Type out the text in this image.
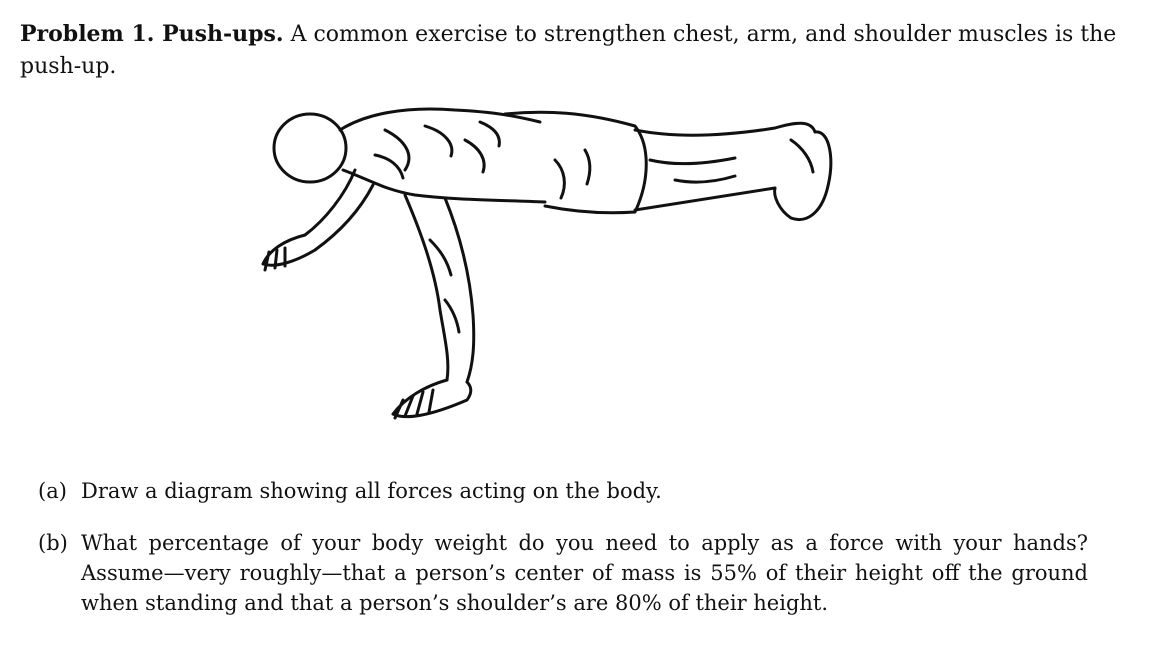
Problem 1. Push-ups. A common exercise to strengthen chest, arm, and shoulder muscles is the push-up.
(a) Draw a diagram showing all forces acting on the body.
(b) What percentage of your body weight do you need to apply as a force with your hands? Assume—very roughly—that a person’s center of mass is 55% of their height off the ground when standing and that a person’s shoulder’s are 80% of their height.
